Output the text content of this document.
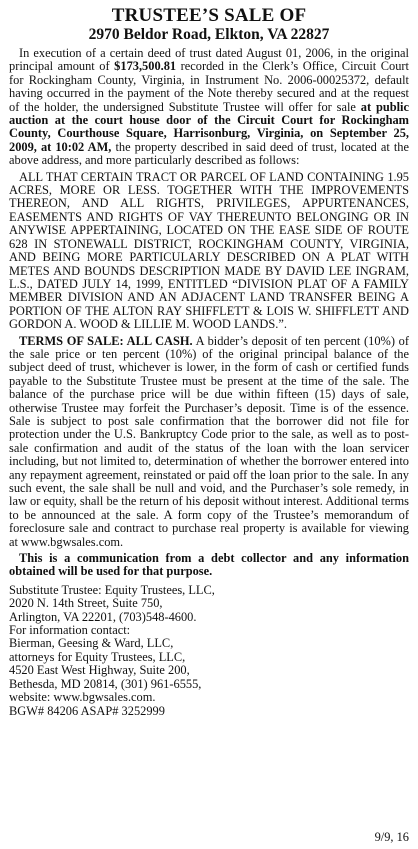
TRUSTEE’S SALE OF
2970 Beldor Road, Elkton, VA 22827

In execution of a certain deed of trust dated August 01, 2006, in the original principal amount of $173,500.81 recorded in the Clerk’s Office, Circuit Court for Rockingham County, Virginia, in Instrument No. 2006-00025372, default having occurred in the payment of the Note thereby secured and at the request of the holder, the undersigned Substitute Trustee will offer for sale at public auction at the court house door of the Circuit Court for Rockingham County, Courthouse Square, Harrisonburg, Virginia, on September 25, 2009, at 10:02 AM, the property described in said deed of trust, located at the above address, and more particularly described as follows:

ALL THAT CERTAIN TRACT OR PARCEL OF LAND CONTAINING 1.95 ACRES, MORE OR LESS. TOGETHER WITH THE IMPROVEMENTS THEREON, AND ALL RIGHTS, PRIVILEGES, APPURTENANCES, EASEMENTS AND RIGHTS OF VAY THEREUNTO BELONGING OR IN ANYWISE APPERTAINING, LOCATED ON THE EASE SIDE OF ROUTE 628 IN STONEWALL DISTRICT, ROCKINGHAM COUNTY, VIRGINIA, AND BEING MORE PARTICULARLY DESCRIBED ON A PLAT WITH METES AND BOUNDS DESCRIPTION MADE BY DAVID LEE INGRAM, L.S., DATED JULY 14, 1999, ENTITLED “DIVISION PLAT OF A FAMILY MEMBER DIVISION AND AN ADJACENT LAND TRANSFER BEING A PORTION OF THE ALTON RAY SHIFFLETT & LOIS W. SHIFFLETT AND GORDON A. WOOD & LILLIE M. WOOD LANDS.”.

TERMS OF SALE: ALL CASH. A bidder’s deposit of ten percent (10%) of the sale price or ten percent (10%) of the original principal balance of the subject deed of trust, whichever is lower, in the form of cash or certified funds payable to the Substitute Trustee must be present at the time of the sale. The balance of the purchase price will be due within fifteen (15) days of sale, otherwise Trustee may forfeit the Purchaser’s deposit. Time is of the essence. Sale is subject to post sale confirmation that the borrower did not file for protection under the U.S. Bankruptcy Code prior to the sale, as well as to post-sale confirmation and audit of the status of the loan with the loan servicer including, but not limited to, determination of whether the borrower entered into any repayment agreement, reinstated or paid off the loan prior to the sale. In any such event, the sale shall be null and void, and the Purchaser’s sole remedy, in law or equity, shall be the return of his deposit without interest. Additional terms to be announced at the sale. A form copy of the Trustee’s memorandum of foreclosure sale and contract to purchase real property is available for viewing at www.bgwsales.com.

This is a communication from a debt collector and any information obtained will be used for that purpose.

Substitute Trustee: Equity Trustees, LLC,
2020 N. 14th Street, Suite 750,
Arlington, VA 22201, (703)548-4600.
For information contact:
Bierman, Geesing & Ward, LLC,
attorneys for Equity Trustees, LLC,
4520 East West Highway, Suite 200,
Bethesda, MD 20814, (301) 961-6555,
website: www.bgwsales.com.
BGW# 84206 ASAP# 3252999
9/9, 16
